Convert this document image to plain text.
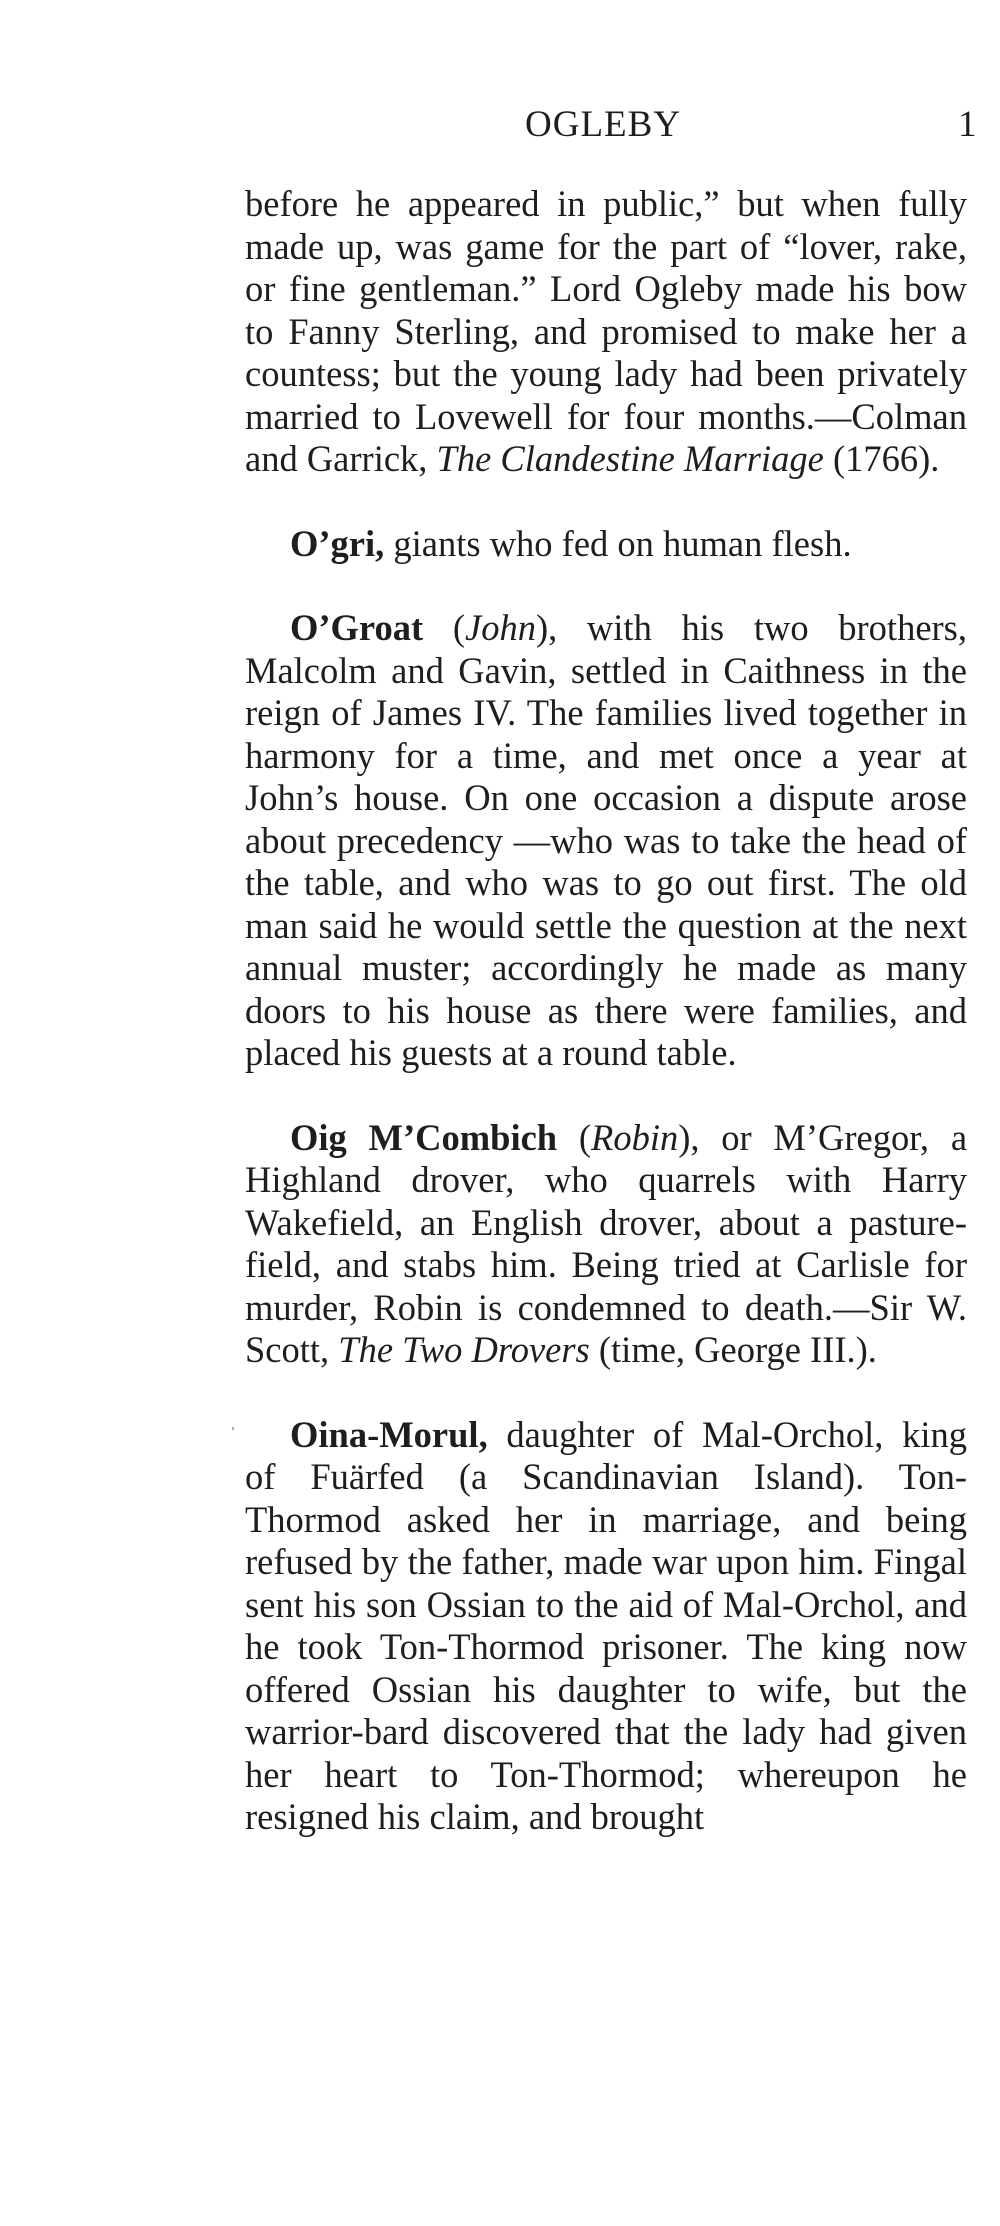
OGLEBY	1

before he appeared in public,” but when fully made up, was game for the part of “lover, rake, or fine gentleman.” Lord Ogleby made his bow to Fanny Sterling, and promised to make her a countess; but the young lady had been privately married to Lovewell for four months.—Colman and Garrick, The Clandestine Marriage (1766).

O’gri, giants who fed on human flesh.

O’Groat (John), with his two brothers, Malcolm and Gavin, settled in Caithness in the reign of James IV. The families lived together in harmony for a time, and met once a year at John’s house. On one occasion a dispute arose about precedency —who was to take the head of the table, and who was to go out first. The old man said he would settle the question at the next annual muster; accordingly he made as many doors to his house as there were families, and placed his guests at a round table.

Oig M’Combich (Robin), or M’Gregor, a Highland drover, who quarrels with Harry Wakefield, an English drover, about a pasture-field, and stabs him. Being tried at Carlisle for murder, Robin is condemned to death.—Sir W. Scott, The Two Drovers (time, George III.).

Oina-Morul, daughter of Mal-Orchol, king of Fuärfed (a Scandinavian Island). Ton-Thormod asked her in marriage, and being refused by the father, made war upon him. Fingal sent his son Ossian to the aid of Mal-Orchol, and he took Ton-Thormod prisoner. The king now offered Ossian his daughter to wife, but the warrior-bard discovered that the lady had given her heart to Ton-Thormod; whereupon he resigned his claim, and brought
